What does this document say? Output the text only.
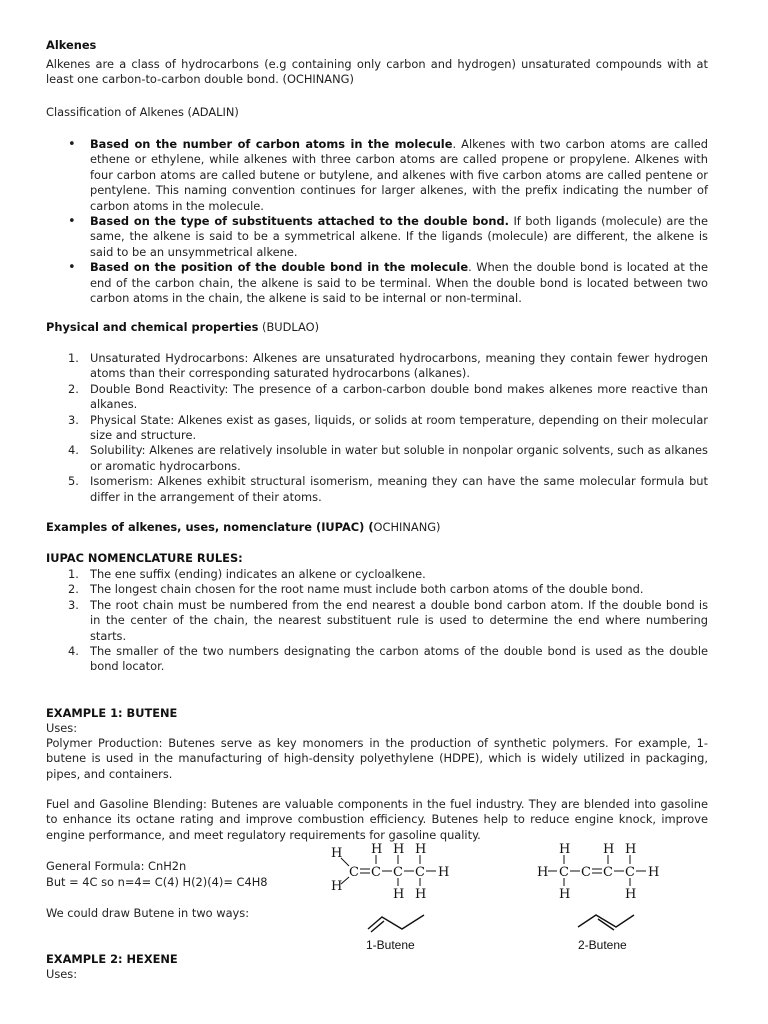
Alkenes
Alkenes are a class of hydrocarbons (e.g containing only carbon and hydrogen) unsaturated compounds with at least one carbon-to-carbon double bond. (OCHINANG)
Classification of Alkenes (ADALIN)
• Based on the number of carbon atoms in the molecule. Alkenes with two carbon atoms are called ethene or ethylene, while alkenes with three carbon atoms are called propene or propylene. Alkenes with four carbon atoms are called butene or butylene, and alkenes with five carbon atoms are called pentene or pentylene. This naming convention continues for larger alkenes, with the prefix indicating the number of carbon atoms in the molecule.
• Based on the type of substituents attached to the double bond. If both ligands (molecule) are the same, the alkene is said to be a symmetrical alkene. If the ligands (molecule) are different, the alkene is said to be an unsymmetrical alkene.
• Based on the position of the double bond in the molecule. When the double bond is located at the end of the carbon chain, the alkene is said to be terminal. When the double bond is located between two carbon atoms in the chain, the alkene is said to be internal or non-terminal.
Physical and chemical properties (BUDLAO)
1. Unsaturated Hydrocarbons: Alkenes are unsaturated hydrocarbons, meaning they contain fewer hydrogen atoms than their corresponding saturated hydrocarbons (alkanes).
2. Double Bond Reactivity: The presence of a carbon-carbon double bond makes alkenes more reactive than alkanes.
3. Physical State: Alkenes exist as gases, liquids, or solids at room temperature, depending on their molecular size and structure.
4. Solubility: Alkenes are relatively insoluble in water but soluble in nonpolar organic solvents, such as alkanes or aromatic hydrocarbons.
5. Isomerism: Alkenes exhibit structural isomerism, meaning they can have the same molecular formula but differ in the arrangement of their atoms.
Examples of alkenes, uses, nomenclature (IUPAC) (OCHINANG)
IUPAC NOMENCLATURE RULES:
1. The ene suffix (ending) indicates an alkene or cycloalkene.
2. The longest chain chosen for the root name must include both carbon atoms of the double bond.
3. The root chain must be numbered from the end nearest a double bond carbon atom. If the double bond is in the center of the chain, the nearest substituent rule is used to determine the end where numbering starts.
4. The smaller of the two numbers designating the carbon atoms of the double bond is used as the double bond locator.
EXAMPLE 1: BUTENE
Uses:
Polymer Production: Butenes serve as key monomers in the production of synthetic polymers. For example, 1-butene is used in the manufacturing of high-density polyethylene (HDPE), which is widely utilized in packaging, pipes, and containers.
Fuel and Gasoline Blending: Butenes are valuable components in the fuel industry. They are blended into gasoline to enhance its octane rating and improve combustion efficiency. Butenes help to reduce engine knock, improve engine performance, and meet regulatory requirements for gasoline quality.
General Formula: CnH2n
But = 4C so n=4= C(4) H(2)(4)= C4H8
We could draw Butene in two ways:
H
H
C C C C H
H H H
H H
H C C C C H
H	H H
H	H
1-Butene	2-Butene
EXAMPLE 2: HEXENE
Uses:
